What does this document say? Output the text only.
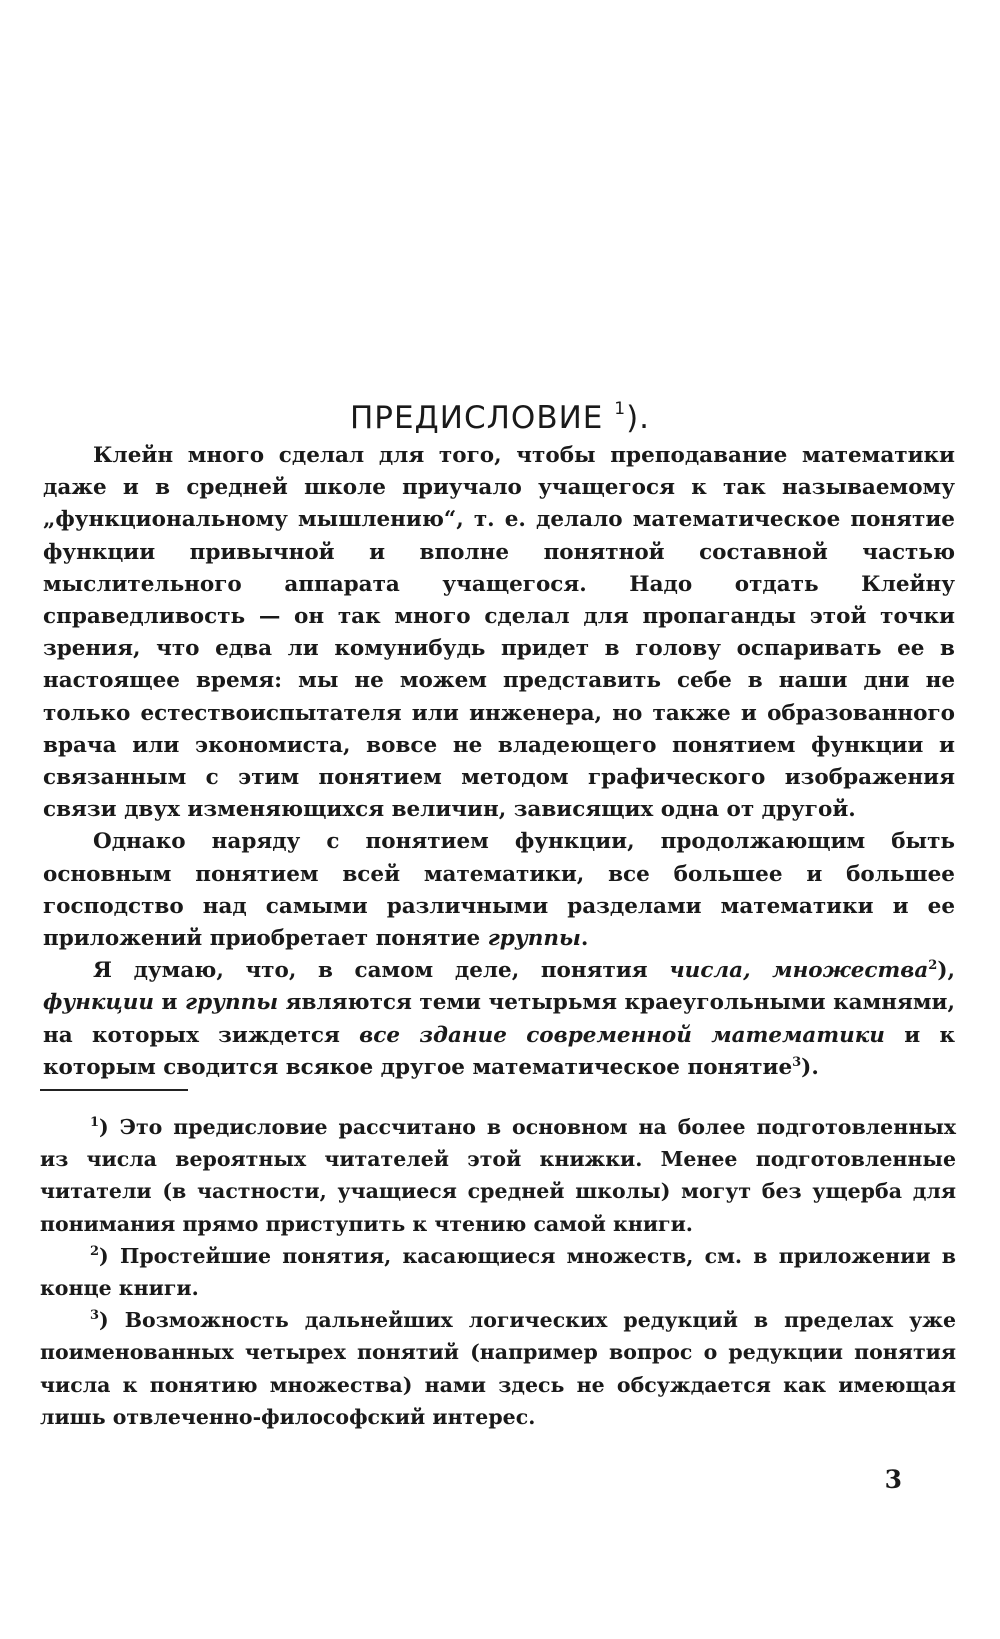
ПРЕДИСЛОВИЕ $^1$).

Клейн много сделал для того, чтобы преподавание математики даже и в средней школе приучало учащегося к так называемому „функциональному мышлению“, т. е. делало математическое понятие функции привычной и вполне понятной составной частью мыслительного аппарата учащегося. Надо отдать Клейну справедливость — он так много сделал для пропаганды этой точки зрения, что едва ли комунибудь придет в голову оспаривать ее в настоящее время: мы не можем представить себе в наши дни не только естествоиспытателя или инженера, но также и образованного врача или экономиста, вовсе не владеющего понятием функции и связанным с этим понятием методом графического изображения связи двух изменяющихся величин, зависящих одна от другой.

Однако наряду с понятием функции, продолжающим быть основным понятием всей математики, все большее и большее господство над самыми различными разделами математики и ее приложений приобретает понятие группы.

Я думаю, что, в самом деле, понятия числа, множества$^2$), функции и группы являются теми четырьмя краеугольными камнями, на которых зиждется все здание современной математики и к которым сводится всякое другое математическое понятие$^3$).

$^1$) Это предисловие рассчитано в основном на более подготовленных из числа вероятных читателей этой книжки. Менее подготовленные читатели (в частности, учащиеся средней школы) могут без ущерба для понимания прямо приступить к чтению самой книги.

$^2$) Простейшие понятия, касающиеся множеств, см. в приложении в конце книги.

$^3$) Возможность дальнейших логических редукций в пределах уже поименованных четырех понятий (например вопрос о редукции понятия числа к понятию множества) нами здесь не обсуждается как имеющая лишь отвлеченно-философский интерес.

3
